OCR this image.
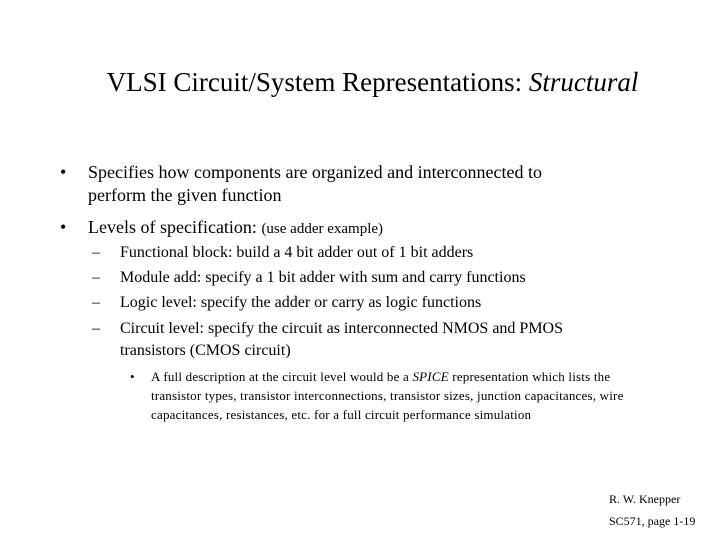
VLSI Circuit/System Representations: Structural
• Specifies how components are organized and interconnected to
perform the given function
• Levels of specification: (use adder example)
– Functional block: build a 4 bit adder out of 1 bit adders
– Module add: specify a 1 bit adder with sum and carry functions
– Logic level: specify the adder or carry as logic functions
– Circuit level: specify the circuit as interconnected NMOS and PMOS
transistors (CMOS circuit)
• A full description at the circuit level would be a SPICE representation which lists the transistor types, transistor interconnections, transistor sizes, junction capacitances, wire capacitances, resistances, etc. for a full circuit performance simulation
R. W. Knepper
SC571, page 1-19
